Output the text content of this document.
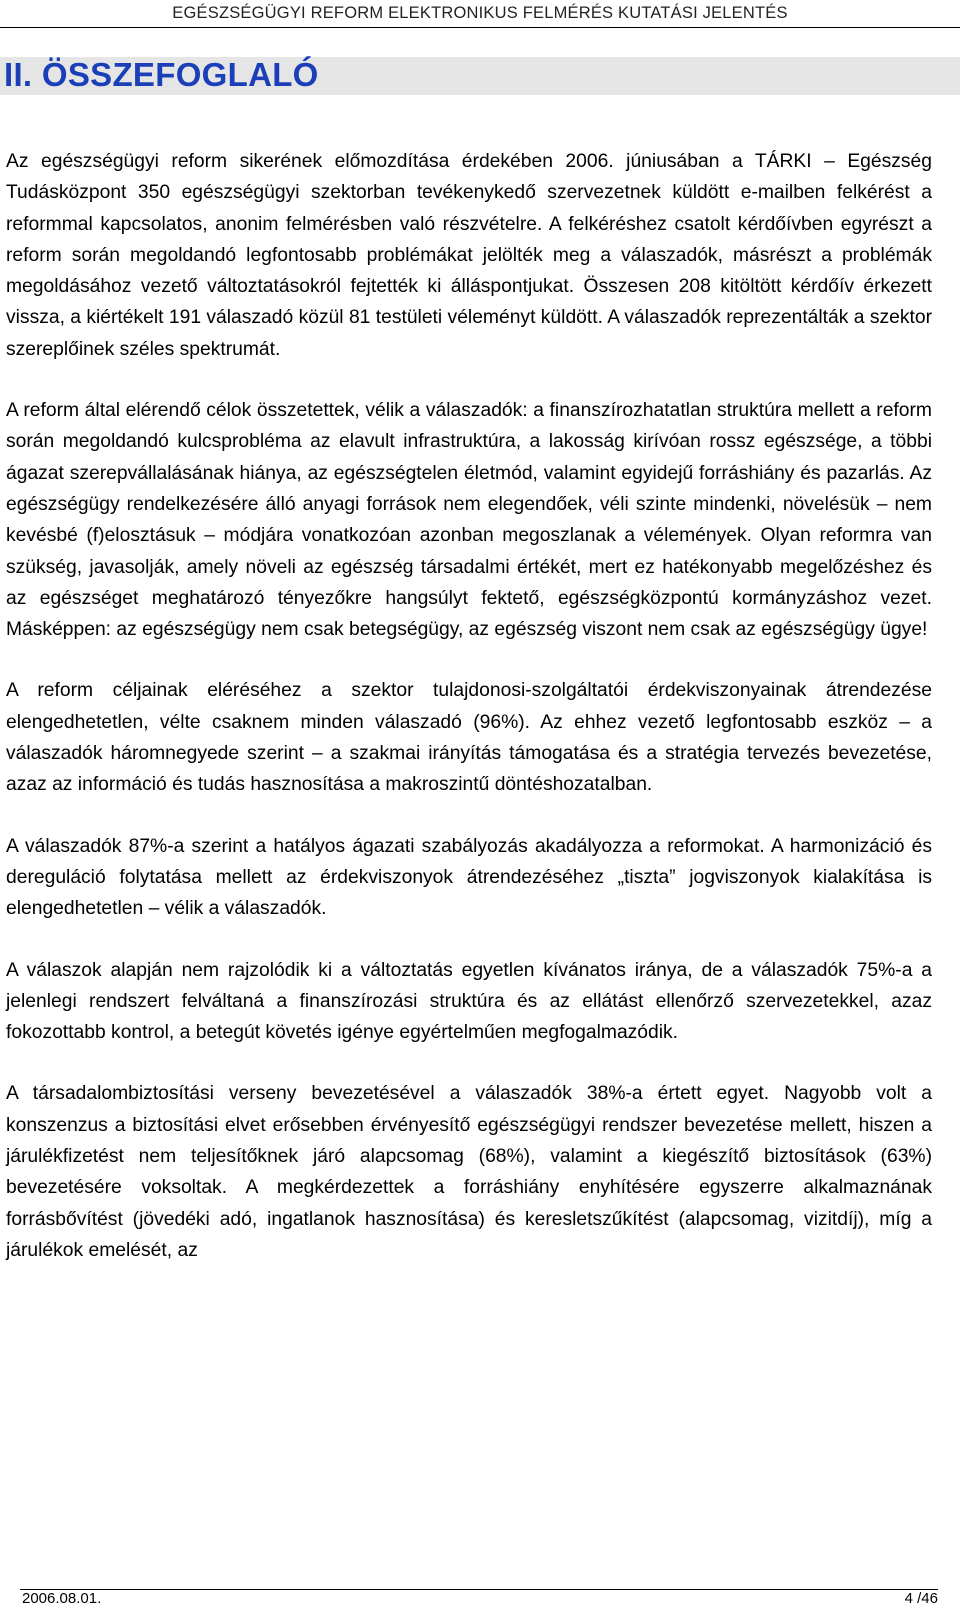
EGÉSZSÉGÜGYI REFORM ELEKTRONIKUS FELMÉRÉS KUTATÁSI JELENTÉS
II. ÖSSZEFOGLALÓ

Az egészségügyi reform sikerének előmozdítása érdekében 2006. júniusában a TÁRKI – Egészség Tudásközpont 350 egészségügyi szektorban tevékenykedő szervezetnek küldött e-mailben felkérést a reformmal kapcsolatos, anonim felmérésben való részvételre. A felkéréshez csatolt kérdőívben egyrészt a reform során megoldandó legfontosabb problémákat jelölték meg a válaszadók, másrészt a problémák megoldásához vezető változtatásokról fejtették ki álláspontjukat. Összesen 208 kitöltött kérdőív érkezett vissza, a kiértékelt 191 válaszadó közül 81 testületi véleményt küldött. A válaszadók reprezentálták a szektor szereplőinek széles spektrumát.

A reform által elérendő célok összetettek, vélik a válaszadók: a finanszírozhatatlan struktúra mellett a reform során megoldandó kulcsprobléma az elavult infrastruktúra, a lakosság kirívóan rossz egészsége, a többi ágazat szerepvállalásának hiánya, az egészségtelen életmód, valamint egyidejű forráshiány és pazarlás. Az egészségügy rendelkezésére álló anyagi források nem elegendőek, véli szinte mindenki, növelésük – nem kevésbé (f)elosztásuk – módjára vonatkozóan azonban megoszlanak a vélemények. Olyan reformra van szükség, javasolják, amely növeli az egészség társadalmi értékét, mert ez hatékonyabb megelőzéshez és az egészséget meghatározó tényezőkre hangsúlyt fektető, egészségközpontú kormányzáshoz vezet. Másképpen: az egészségügy nem csak betegségügy, az egészség viszont nem csak az egészségügy ügye!

A reform céljainak eléréséhez a szektor tulajdonosi-szolgáltatói érdekviszonyainak átrendezése elengedhetetlen, vélte csaknem minden válaszadó (96%). Az ehhez vezető legfontosabb eszköz – a válaszadók háromnegyede szerint – a szakmai irányítás támogatása és a stratégia tervezés bevezetése, azaz az információ és tudás hasznosítása a makroszintű döntéshozatalban.

A válaszadók 87%-a szerint a hatályos ágazati szabályozás akadályozza a reformokat. A harmonizáció és dereguláció folytatása mellett az érdekviszonyok átrendezéséhez „tiszta” jogviszonyok kialakítása is elengedhetetlen – vélik a válaszadók.

A válaszok alapján nem rajzolódik ki a változtatás egyetlen kívánatos iránya, de a válaszadók 75%-a a jelenlegi rendszert felváltaná a finanszírozási struktúra és az ellátást ellenőrző szervezetekkel, azaz fokozottabb kontrol, a betegút követés igénye egyértelműen megfogalmazódik.

A társadalombiztosítási verseny bevezetésével a válaszadók 38%-a értett egyet. Nagyobb volt a konszenzus a biztosítási elvet erősebben érvényesítő egészségügyi rendszer bevezetése mellett, hiszen a járulékfizetést nem teljesítőknek járó alapcsomag (68%), valamint a kiegészítő biztosítások (63%) bevezetésére voksoltak. A megkérdezettek a forráshiány enyhítésére egyszerre alkalmaznának forrásbővítést (jövedéki adó, ingatlanok hasznosítása) és keresletszűkítést (alapcsomag, vizitdíj), míg a járulékok emelését, az

2006.08.01.	4 /46
